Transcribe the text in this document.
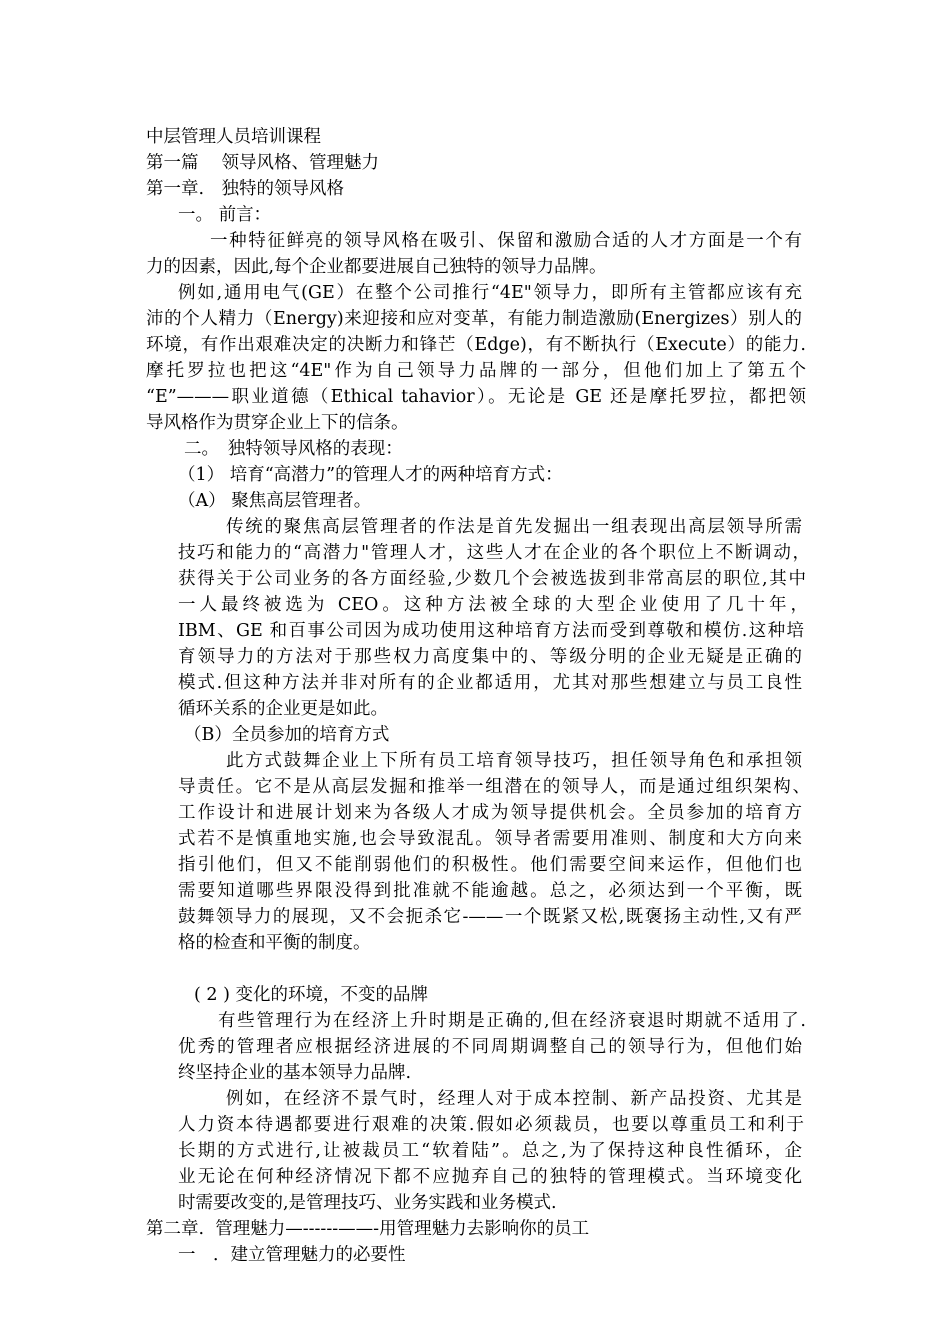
中层管理人员培训课程
第一篇　 领导风格、管理魅力
第一章.　独特的领导风格
一。 前言：
一种特征鲜亮的领导风格在吸引、保留和激励合适的人才方面是一个有
力的因素，因此,每个企业都要进展自己独特的领导力品牌。
例如,通用电气(GE）在整个公司推行“4E"领导力，即所有主管都应该有充
沛的个人精力（Energy)来迎接和应对变革，有能力制造激励(Energizes）别人的
环境，有作出艰难决定的决断力和锋芒（Edge)，有不断执行（Execute）的能力.
摩托罗拉也把这“4E"作为自己领导力品牌的一部分，但他们加上了第五个
“E”———职业道德（Ethical tahavior）。无论是 GE 还是摩托罗拉，都把领
导风格作为贯穿企业上下的信条。
二。　独特领导风格的表现：
（1） 培育“高潜力”的管理人才的两种培育方式：
（A） 聚焦高层管理者。
传统的聚焦高层管理者的作法是首先发掘出一组表现出高层领导所需
技巧和能力的“高潜力"管理人才，这些人才在企业的各个职位上不断调动，
获得关于公司业务的各方面经验,少数几个会被选拔到非常高层的职位,其中
一人最终被选为 CEO。这种方法被全球的大型企业使用了几十年，
IBM、GE 和百事公司因为成功使用这种培育方法而受到尊敬和模仿.这种培
育领导力的方法对于那些权力高度集中的、等级分明的企业无疑是正确的
模式.但这种方法并非对所有的企业都适用，尤其对那些想建立与员工良性
循环关系的企业更是如此。
（B）全员参加的培育方式
此方式鼓舞企业上下所有员工培育领导技巧，担任领导角色和承担领
导责任。它不是从高层发掘和推举一组潜在的领导人，而是通过组织架构、
工作设计和进展计划来为各级人才成为领导提供机会。全员参加的培育方
式若不是慎重地实施,也会导致混乱。领导者需要用准则、制度和大方向来
指引他们，但又不能削弱他们的积极性。他们需要空间来运作，但他们也
需要知道哪些界限没得到批准就不能逾越。总之，必须达到一个平衡，既
鼓舞领导力的展现，又不会扼杀它-——一个既紧又松,既褒扬主动性,又有严
格的检查和平衡的制度。
( 2 ) 变化的环境，不变的品牌
有些管理行为在经济上升时期是正确的,但在经济衰退时期就不适用了.
优秀的管理者应根据经济进展的不同周期调整自己的领导行为，但他们始
终坚持企业的基本领导力品牌.
例如，在经济不景气时，经理人对于成本控制、新产品投资、尤其是
人力资本待遇都要进行艰难的决策.假如必须裁员，也要以尊重员工和利于
长期的方式进行,让被裁员工“软着陆”。总之,为了保持这种良性循环，企
业无论在何种经济情况下都不应抛弃自己的独特的管理模式。当环境变化
时需要改变的,是管理技巧、业务实践和业务模式.
第二章.  管理魅力—------——-用管理魅力去影响你的员工
一　．建立管理魅力的必要性
